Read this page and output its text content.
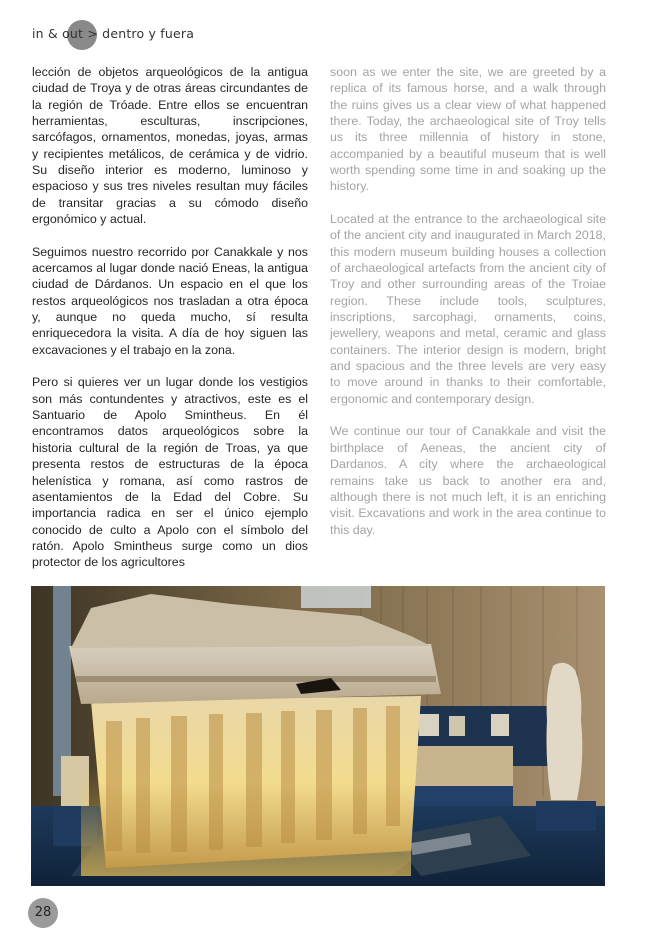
in & out > dentro y fuera

lección de objetos arqueológicos de la antigua ciudad de Troya y de otras áreas circundantes de la región de Tróade. Entre ellos se encuentran herramientas, esculturas, inscripciones, sarcófagos, ornamentos, monedas, joyas, armas y recipientes metálicos, de cerámica y de vidrio. Su diseño interior es moderno, luminoso y espacioso y sus tres niveles resultan muy fáciles de transitar gracias a su cómodo diseño ergonómico y actual.

Seguimos nuestro recorrido por Canakkale y nos acercamos al lugar donde nació Eneas, la antigua ciudad de Dárdanos. Un espacio en el que los restos arqueológicos nos trasladan a otra época y, aunque no queda mucho, sí resulta enriquecedora la visita. A día de hoy siguen las excavaciones y el trabajo en la zona.

Pero si quieres ver un lugar donde los vestigios son más contundentes y atractivos, este es el Santuario de Apolo Smintheus. En él encontramos datos arqueológicos sobre la historia cultural de la región de Troas, ya que presenta restos de estructuras de la época helenística y romana, así como rastros de asentamientos de la Edad del Cobre. Su importancia radica en ser el único ejemplo conocido de culto a Apolo con el símbolo del ratón. Apolo Smintheus surge como un dios protector de los agricultores

soon as we enter the site, we are greeted by a replica of its famous horse, and a walk through the ruins gives us a clear view of what happened there. Today, the archaeological site of Troy tells us its three millennia of history in stone, accompanied by a beautiful museum that is well worth spending some time in and soaking up the history.

Located at the entrance to the archaeological site of the ancient city and inaugurated in March 2018, this modern museum building houses a collection of archaeological artefacts from the ancient city of Troy and other surrounding areas of the Troiae region. These include tools, sculptures, inscriptions, sarcophagi, ornaments, coins, jewellery, weapons and metal, ceramic and glass containers. The interior design is modern, bright and spacious and the three levels are very easy to move around in thanks to their comfortable, ergonomic and contemporary design.

We continue our tour of Canakkale and visit the birthplace of Aeneas, the ancient city of Dardanos. A city where the archaeological remains take us back to another era and, although there is not much left, it is an enriching visit. Excavations and work in the area continue to this day.

28
